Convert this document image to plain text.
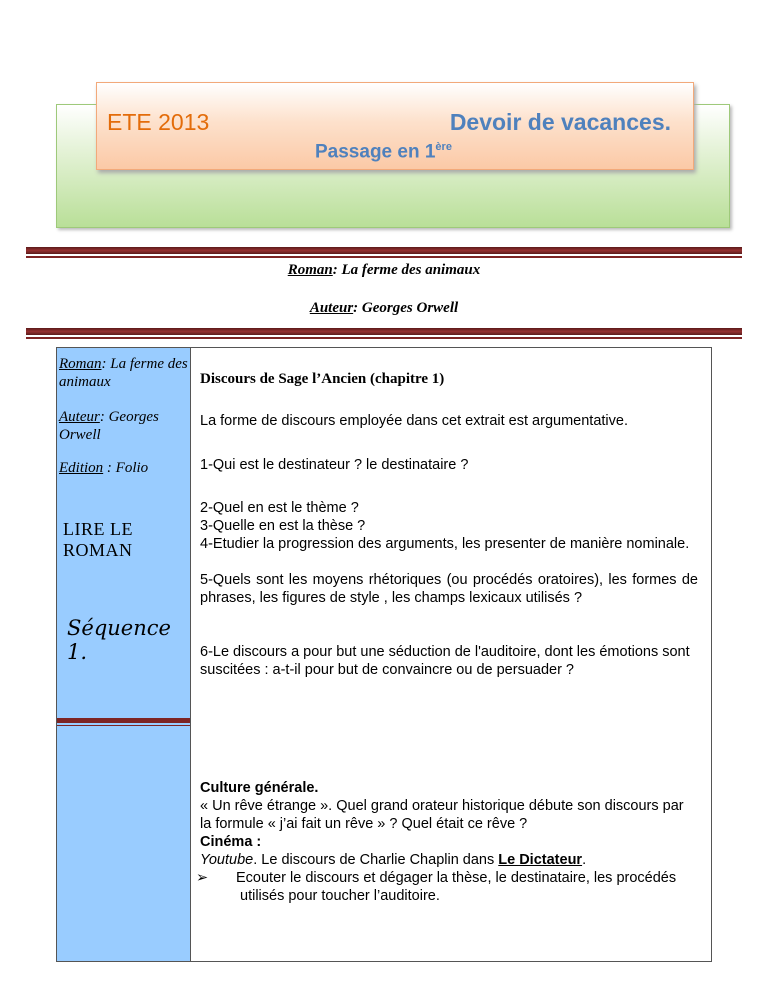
ETE 2013	Devoir de vacances.
Passage en 1ère
Roman: La ferme des animaux
Auteur: Georges Orwell
Roman: La ferme des animaux
Auteur: Georges Orwell
Edition : Folio
LIRE LE ROMAN
Séquence 1.
Discours de Sage l’Ancien (chapitre 1)
La forme de discours employée dans cet extrait est argumentative.
1-Qui est le destinateur ? le destinataire ?
2-Quel en est le thème ?
3-Quelle en est la thèse ?
4-Etudier la progression des arguments, les presenter de manière nominale.
5-Quels sont les moyens rhétoriques (ou procédés oratoires), les formes de phrases, les figures de style , les champs lexicaux utilisés ?
6-Le discours a pour but une séduction de l'auditoire, dont les émotions sont suscitées : a-t-il pour but de convaincre ou de persuader ?
Culture générale.
« Un rêve étrange ». Quel grand orateur historique débute son discours par la formule « j’ai fait un rêve » ? Quel était ce rêve ?
Cinéma :
Youtube. Le discours de Charlie Chaplin dans Le Dictateur.
➢ Ecouter le discours et dégager la thèse, le destinataire, les procédés utilisés pour toucher l’auditoire.
